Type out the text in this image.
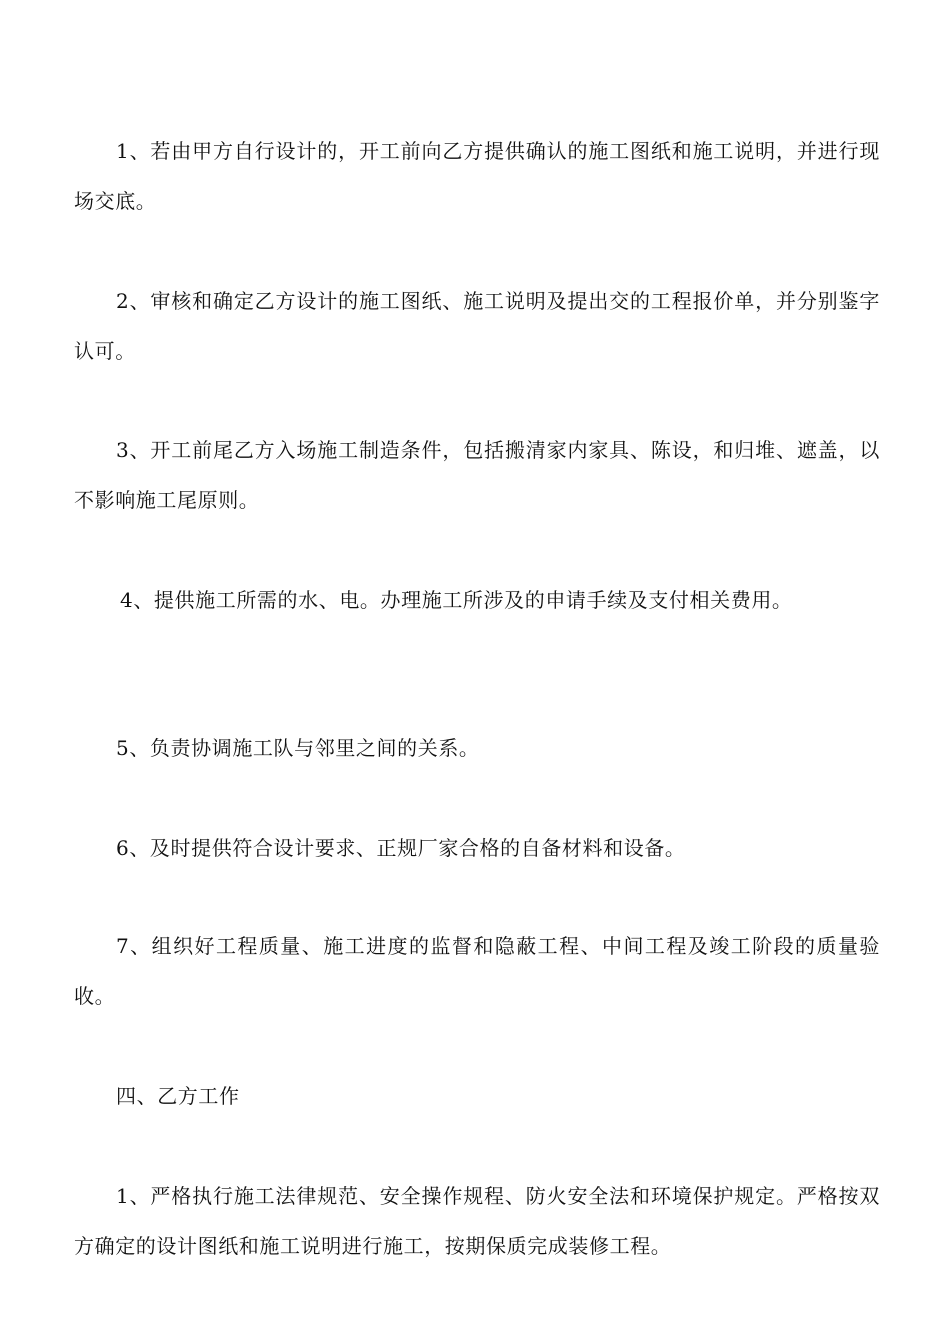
1、若由甲方自行设计的，开工前向乙方提供确认的施工图纸和施工说明，并进行现场交底。

2、审核和确定乙方设计的施工图纸、施工说明及提出交的工程报价单，并分别鉴字认可。

3、开工前尾乙方入场施工制造条件，包括搬清家内家具、陈设，和归堆、遮盖，以不影响施工尾原则。

4、提供施工所需的水、电。办理施工所涉及的申请手续及支付相关费用。

5、负责协调施工队与邻里之间的关系。

6、及时提供符合设计要求、正规厂家合格的自备材料和设备。

7、组织好工程质量、施工进度的监督和隐蔽工程、中间工程及竣工阶段的质量验收。

四、乙方工作

1、严格执行施工法律规范、安全操作规程、防火安全法和环境保护规定。严格按双方确定的设计图纸和施工说明进行施工，按期保质完成装修工程。
